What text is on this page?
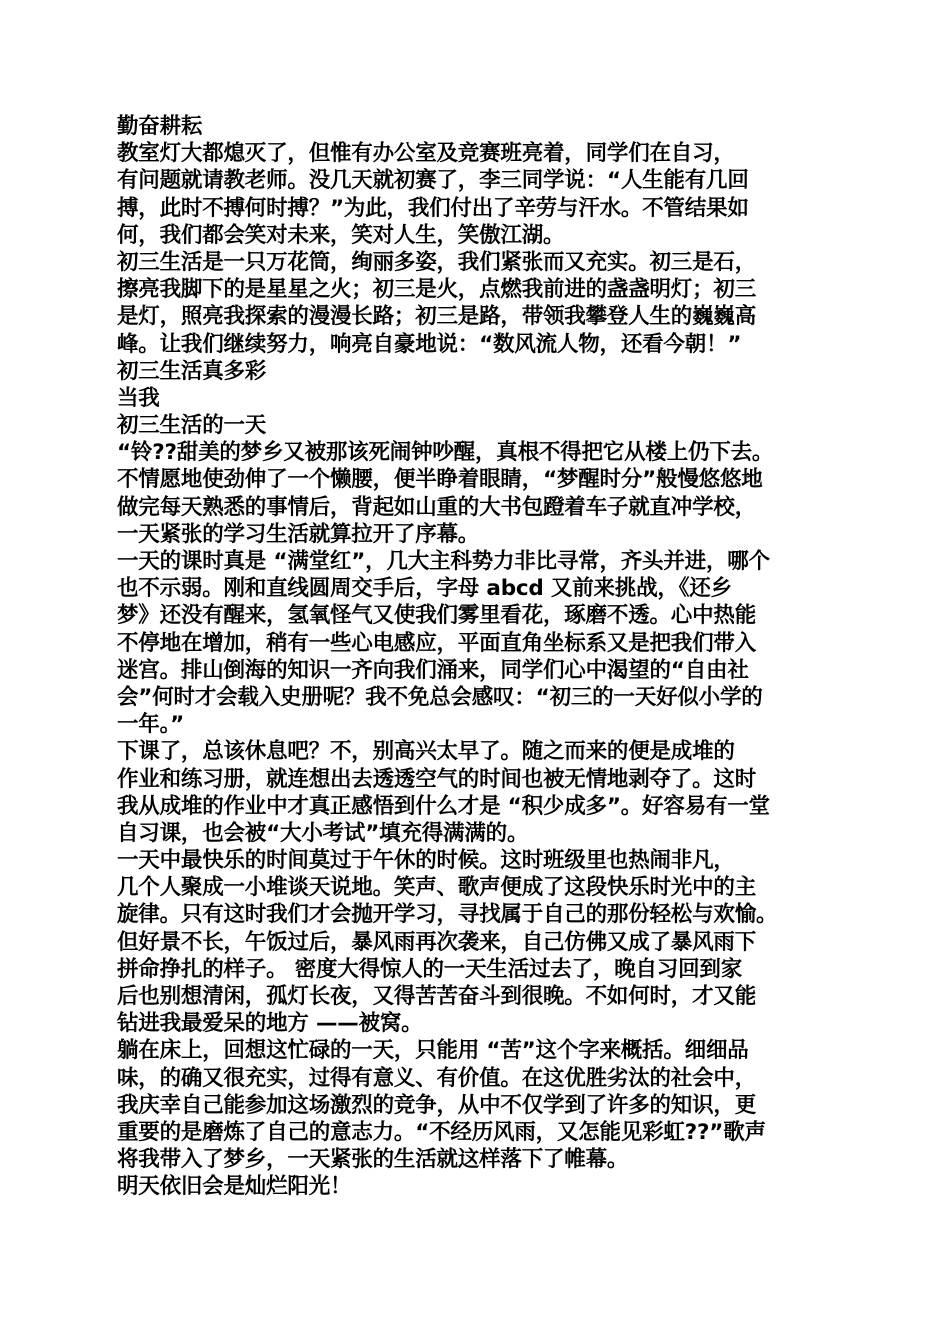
勤奋耕耘
教室灯大都熄灭了，但惟有办公室及竞赛班亮着，同学们在自习，
有问题就请教老师。没几天就初赛了，李三同学说：“人生能有几回
搏，此时不搏何时搏？”为此，我们付出了辛劳与汗水。不管结果如
何，我们都会笑对未来，笑对人生，笑傲江湖。
初三生活是一只万花筒，绚丽多姿，我们紧张而又充实。初三是石，
擦亮我脚下的是星星之火；初三是火，点燃我前进的盏盏明灯；初三
是灯，照亮我探索的漫漫长路；初三是路，带领我攀登人生的巍巍高
峰。让我们继续努力，响亮自豪地说：“数风流人物，还看今朝！”
初三生活真多彩
当我
初三生活的一天
“铃??甜美的梦乡又被那该死闹钟吵醒，真根不得把它从楼上仍下去。
不情愿地使劲伸了一个懒腰，便半睁着眼睛，“梦醒时分”般慢悠悠地
做完每天熟悉的事情后，背起如山重的大书包蹬着车子就直冲学校，
一天紧张的学习生活就算拉开了序幕。
一天的课时真是 “满堂红”，几大主科势力非比寻常，齐头并进，哪个
也不示弱。刚和直线圆周交手后，字母 abcd 又前来挑战，《还乡
梦》还没有醒来，氢氧怪气又使我们雾里看花，琢磨不透。心中热能
不停地在增加，稍有一些心电感应，平面直角坐标系又是把我们带入
迷宫。排山倒海的知识一齐向我们涌来，同学们心中渴望的“自由社
会”何时才会载入史册呢？我不免总会感叹：“初三的一天好似小学的
一年。”
下课了，总该休息吧？不，别高兴太早了。随之而来的便是成堆的
作业和练习册，就连想出去透透空气的时间也被无情地剥夺了。这时
我从成堆的作业中才真正感悟到什么才是 “积少成多”。好容易有一堂
自习课，也会被“大小考试”填充得满满的。
一天中最快乐的时间莫过于午休的时候。这时班级里也热闹非凡，
几个人聚成一小堆谈天说地。笑声、歌声便成了这段快乐时光中的主
旋律。只有这时我们才会抛开学习，寻找属于自己的那份轻松与欢愉。
但好景不长，午饭过后，暴风雨再次袭来，自己仿佛又成了暴风雨下
拼命挣扎的样子。 密度大得惊人的一天生活过去了，晚自习回到家
后也别想清闲，孤灯长夜，又得苦苦奋斗到很晚。不如何时，才又能
钻进我最爱呆的地方 ——被窝。
躺在床上，回想这忙碌的一天，只能用 “苦”这个字来概括。细细品
味，的确又很充实，过得有意义、有价值。在这优胜劣汰的社会中，
我庆幸自己能参加这场激烈的竞争，从中不仅学到了许多的知识，更
重要的是磨炼了自己的意志力。“不经历风雨，又怎能见彩虹??”歌声
将我带入了梦乡，一天紧张的生活就这样落下了帷幕。
明天依旧会是灿烂阳光！
